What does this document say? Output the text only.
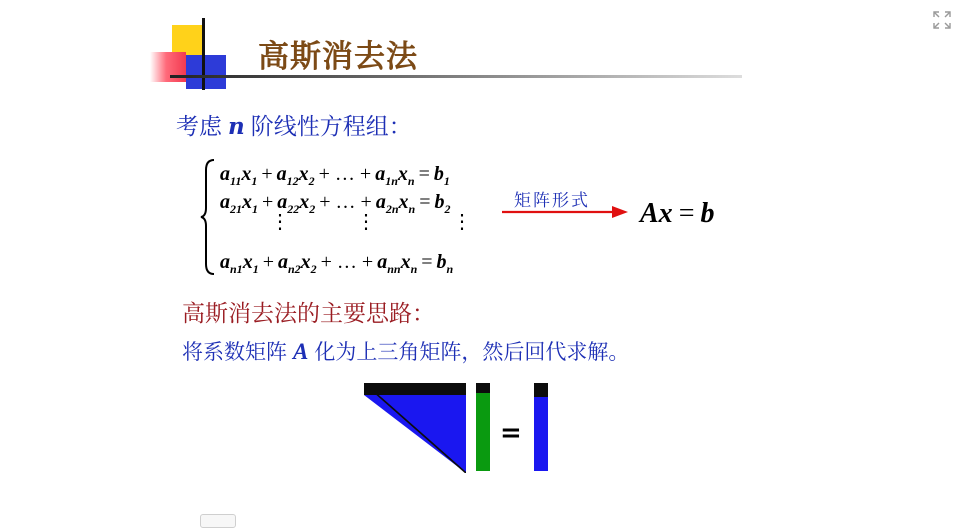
高斯消去法
考虑 n 阶线性方程组：
$a_{11}x_1 + a_{12}x_2$ + … + $a_{1n}x_n = b_1$
$a_{21}x_1 + a_{22}x_2$ + … + $a_{2n}x_n = b_2$
⋮	⋮	⋮
$a_{n1}x_1 + a_{n2}x_2$ + … + $a_{nn}x_n = b_n$
矩阵形式 Ax = b
高斯消去法的主要思路：
将系数矩阵 A 化为上三角矩阵，然后回代求解。
=
